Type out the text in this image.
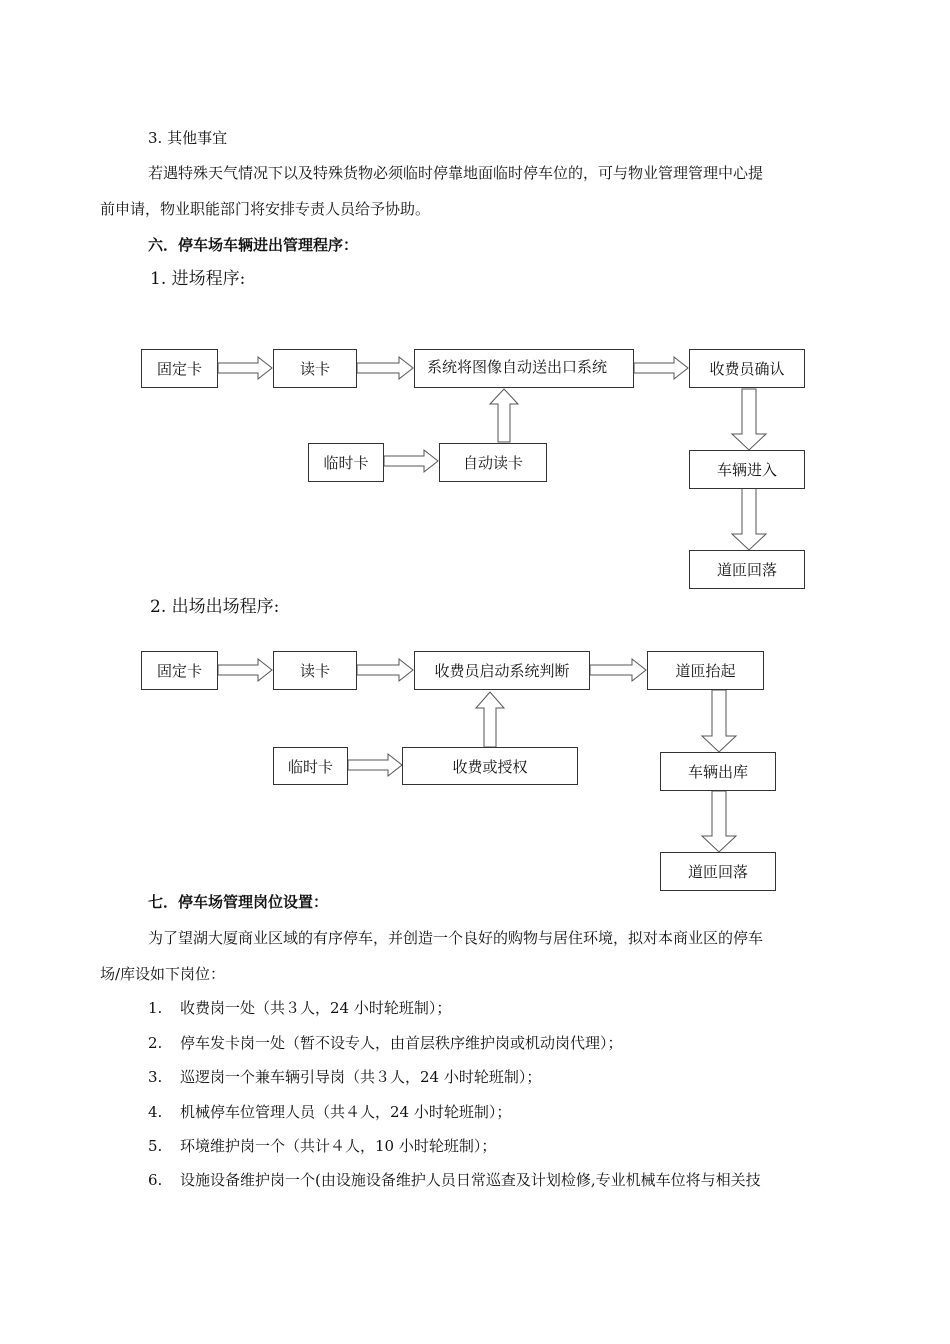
3. 其他事宜
若遇特殊天气情况下以及特殊货物必须临时停靠地面临时停车位的，可与物业管理管理中心提
前申请，物业职能部门将安排专责人员给予协助。
六．停车场车辆进出管理程序：
1. 进场程序:
固定卡	读卡	系统将图像自动送出口系统	收费员确认
临时卡	自动读卡	车辆进入
道匝回落
2. 出场出场程序:
固定卡	读卡	收费员启动系统判断	道匝抬起
临时卡	收费或授权	车辆出库
道匝回落
七．停车场管理岗位设置：
为了望湖大厦商业区域的有序停车，并创造一个良好的购物与居住环境，拟对本商业区的停车
场/库设如下岗位：
1. 收费岗一处（共３人，24 小时轮班制）；
2. 停车发卡岗一处（暂不设专人，由首层秩序维护岗或机动岗代理）；
3. 巡逻岗一个兼车辆引导岗（共３人，24 小时轮班制）；
4. 机械停车位管理人员（共４人，24 小时轮班制）；
5. 环境维护岗一个（共计４人，10 小时轮班制）；
6. 设施设备维护岗一个(由设施设备维护人员日常巡查及计划检修,专业机械车位将与相关技
